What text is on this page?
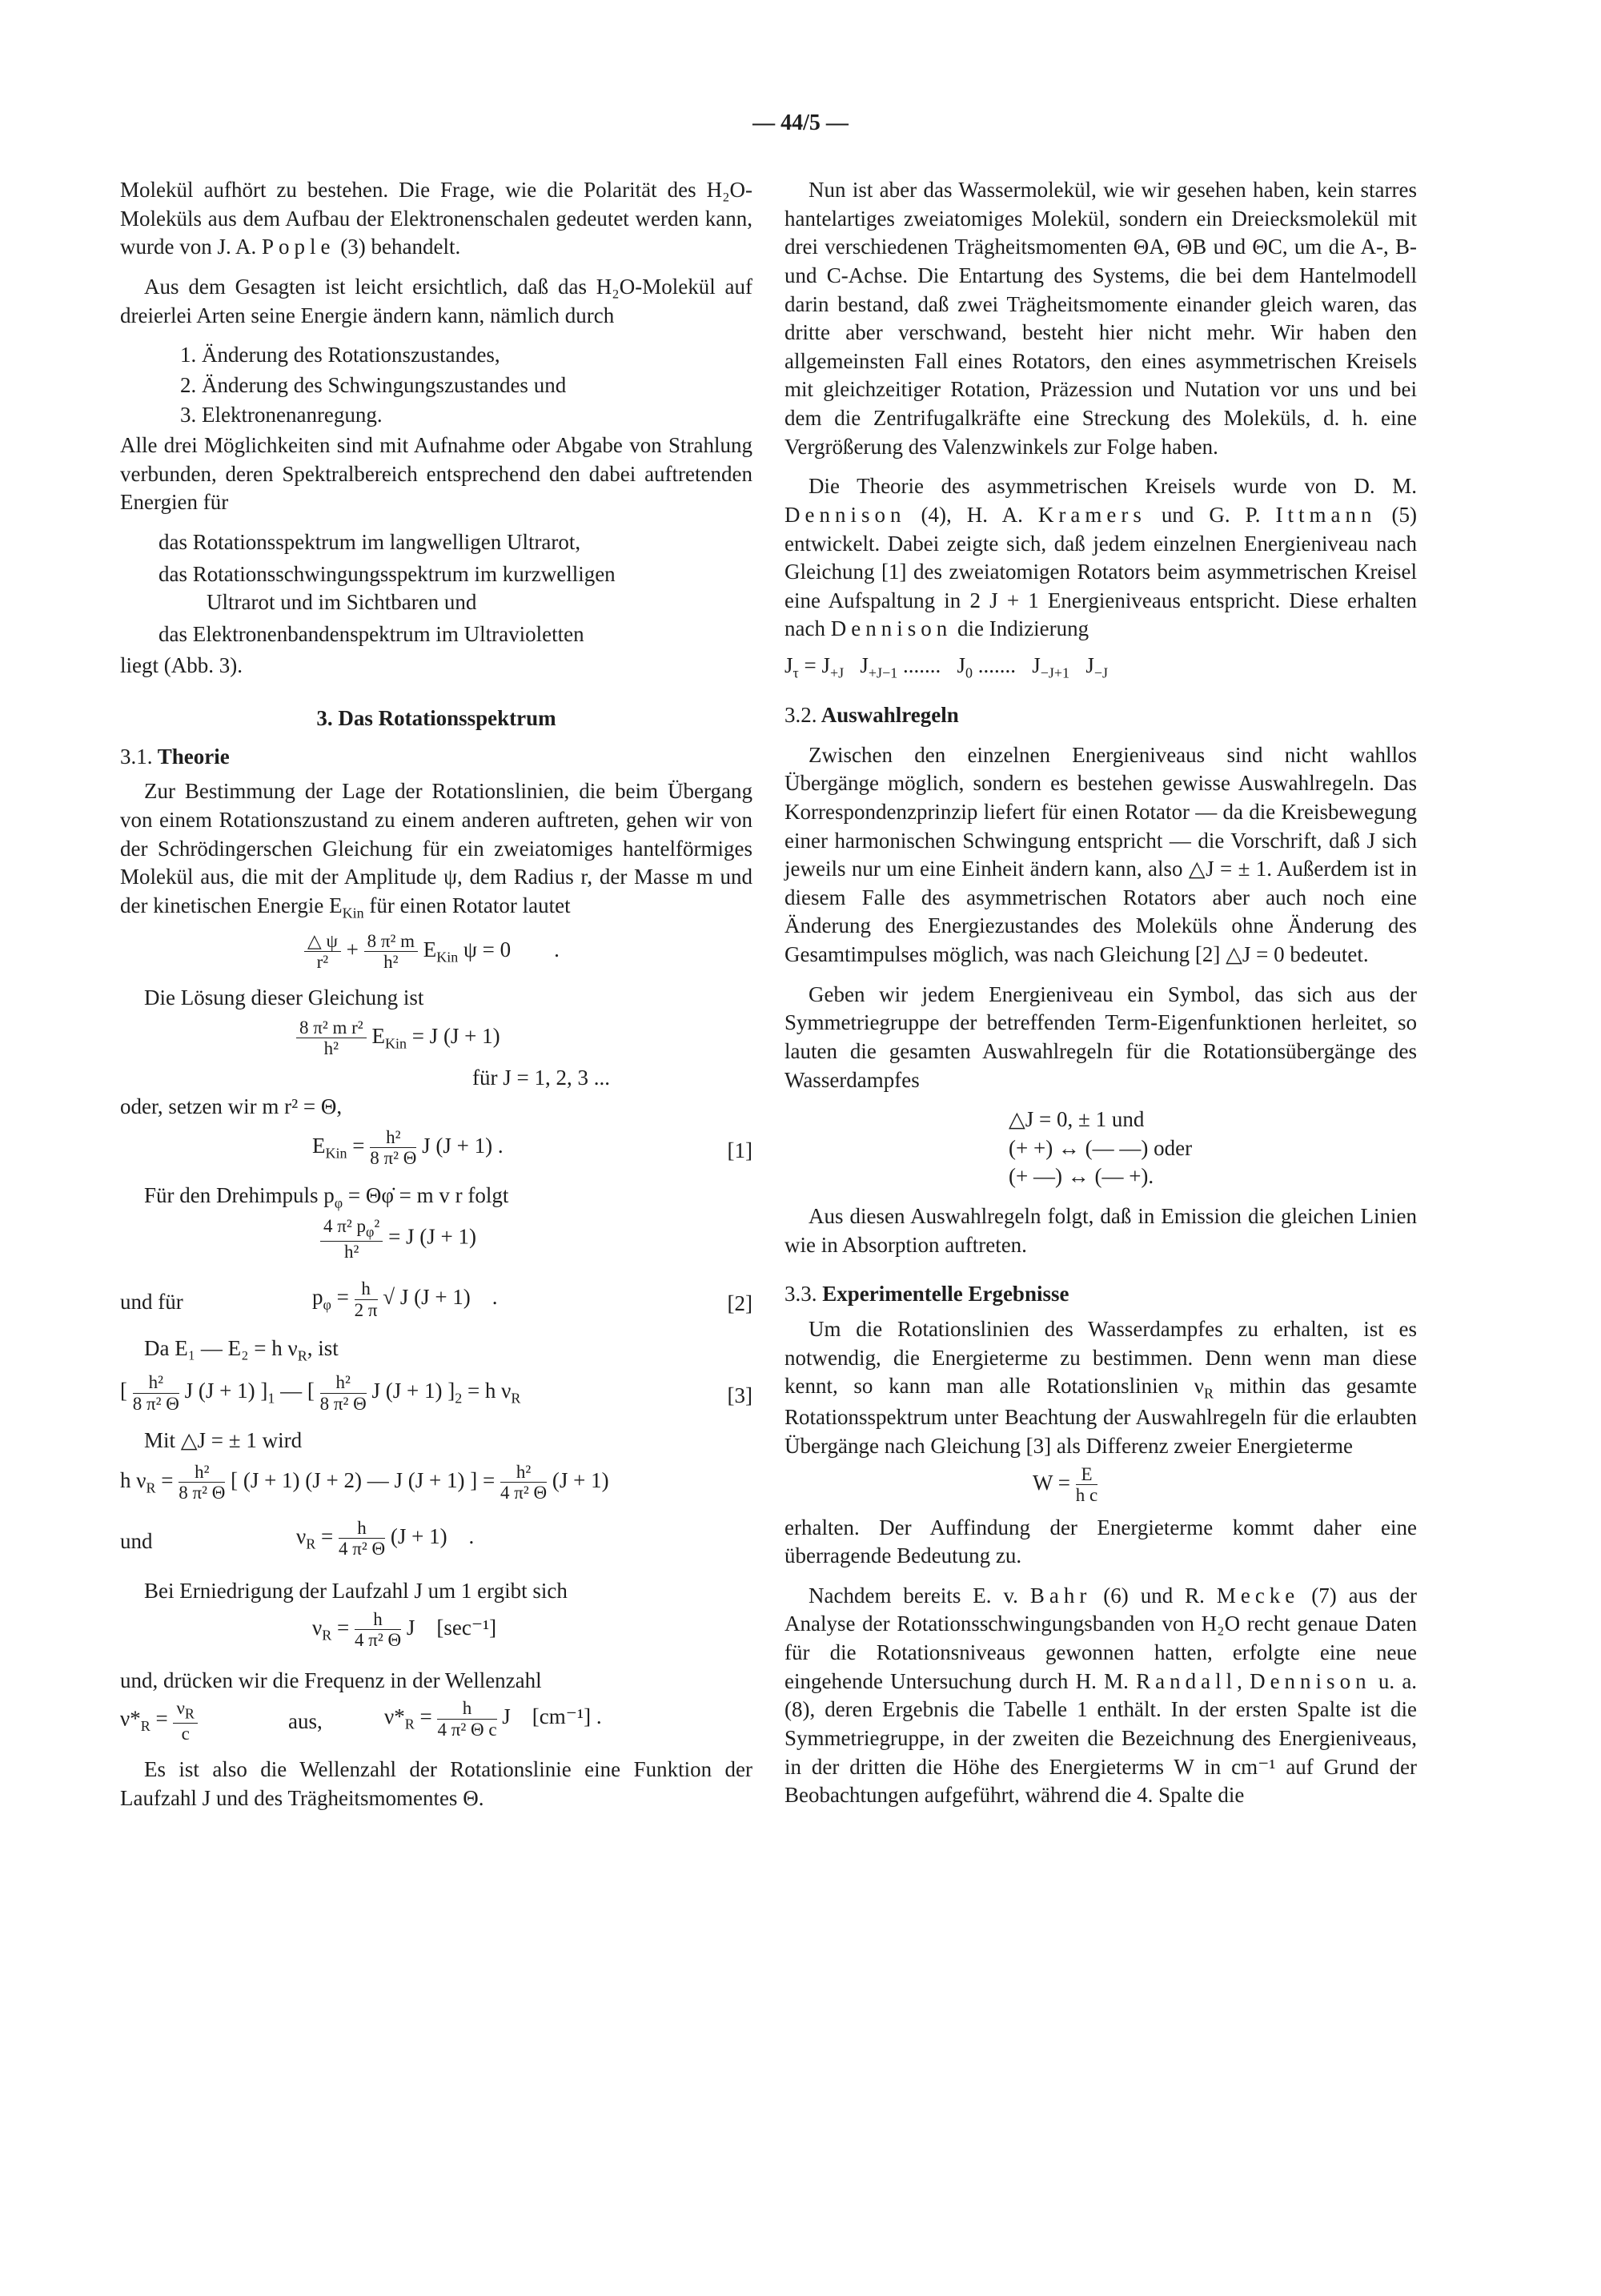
— 44/5 —

Molekül aufhört zu bestehen. Die Frage, wie die Polarität des H₂O-Moleküls aus dem Aufbau der Elektronenschalen gedeutet werden kann, wurde von J. A. Pople (3) behandelt.

Aus dem Gesagten ist leicht ersichtlich, daß das H₂O-Molekül auf dreierlei Arten seine Energie ändern kann, nämlich durch

1. Änderung des Rotationszustandes,
2. Änderung des Schwingungszustandes und
3. Elektronenanregung.

Alle drei Möglichkeiten sind mit Aufnahme oder Abgabe von Strahlung verbunden, deren Spektralbereich entsprechend den dabei auftretenden Energien für

das Rotationsspektrum im langwelligen Ultrarot,
das Rotationsschwingungsspektrum im kurzwelligen
Ultrarot und im Sichtbaren und
das Elektronenbandenspektrum im Ultravioletten

liegt (Abb. 3).

3. Das Rotationsspektrum
3.1. Theorie

Zur Bestimmung der Lage der Rotationslinien, die beim Übergang von einem Rotationszustand zu einem anderen auftreten, gehen wir von der Schrödingerschen Gleichung für ein zweiatomiges hantelförmiges Molekül aus, die mit der Amplitude ψ, dem Radius r, der Masse m und der kinetischen Energie $E_{Kin}$ für einen Rotator lautet

$\frac{\triangle \psi}{\text{r²}} + \frac{\text{8 π² m}}{\text{h²}} E_{Kin}$ ψ = 0        .

Die Lösung dieser Gleichung ist

$\frac{\text{8 π² m r²}}{\text{h²}} E_{Kin} = J$ (J + 1)
für J = 1, 2, 3 ...

oder, setzen wir m r² = Θ,

$E_{Kin} = \frac{\text{h²}}{\text{8 π² Θ}}$ J (J + 1) .	[1]

Für den Drehimpuls $p_\varphi$ = Θφ̇ = m v r folgt

$\frac{4 \pi^2 p_\varphi^2}{\text{h²}} = J$ (J + 1)
und für	$p_\varphi = \frac{h}{2 \pi}$ √ J (J + 1)    .	[2]

Da E₁ — E₂ = h $\nu_R$, ist

[ $\frac{\text{h²}}{\text{8 π² Θ}}$ J (J + 1) ]$_1$ — [ $\frac{\text{h²}}{\text{8 π² Θ}}$ J (J + 1) ]$_2 = h$ $\nu_R$	[3]

Mit △J = ± 1 wird

h $\nu_R = \frac{\text{h²}}{\text{8 π² Θ}}$ [ (J + 1) (J + 2) — J (J + 1) ] = $\frac{\text{h²}}{\text{4 π² Θ}} (J + 1)$
und	$\nu_R = \frac{h}{\text{4 π² Θ}} (J + 1)$    .

Bei Erniedrigung der Laufzahl J um 1 ergibt sich

$\nu_R = \frac{h}{\text{4 π² Θ}}$ J    [sec⁻¹]

und, drücken wir die Frequenz in der Wellenzahl

$\nu*_R = \frac{\nu_R}{c}$	aus,	$\nu*_R = \frac{h}{\text{4 π² Θ c}}$ J    [cm⁻¹] .

Es ist also die Wellenzahl der Rotationslinie eine Funktion der Laufzahl J und des Trägheitsmomentes Θ.

Nun ist aber das Wassermolekül, wie wir gesehen haben, kein starres hantelartiges zweiatomiges Molekül, sondern ein Dreiecksmolekül mit drei verschiedenen Trägheitsmomenten ΘA, ΘB und ΘC, um die A-, B- und C-Achse. Die Entartung des Systems, die bei dem Hantelmodell darin bestand, daß zwei Trägheitsmomente einander gleich waren, das dritte aber verschwand, besteht hier nicht mehr. Wir haben den allgemeinsten Fall eines Rotators, den eines asymmetrischen Kreisels mit gleichzeitiger Rotation, Präzession und Nutation vor uns und bei dem die Zentrifugalkräfte eine Streckung des Moleküls, d. h. eine Vergrößerung des Valenzwinkels zur Folge haben.

Die Theorie des asymmetrischen Kreisels wurde von D. M. Dennison (4), H. A. Kramers und G. P. Ittmann (5) entwickelt. Dabei zeigte sich, daß jedem einzelnen Energieniveau nach Gleichung [1] des zweiatomigen Rotators beim asymmetrischen Kreisel eine Aufspaltung in 2 J + 1 Energieniveaus entspricht. Diese erhalten nach Dennison die Indizierung

$J_\tau = J_{+J}$   $J_{+J-1}$ .......   $J_0$ .......   $J_{-J+1}$   $J_{-J}$
3.2. Auswahlregeln

Zwischen den einzelnen Energieniveaus sind nicht wahllos Übergänge möglich, sondern es bestehen gewisse Auswahlregeln. Das Korrespondenzprinzip liefert für einen Rotator — da die Kreisbewegung einer harmonischen Schwingung entspricht — die Vorschrift, daß J sich jeweils nur um eine Einheit ändern kann, also △J = ± 1. Außerdem ist in diesem Falle des asymmetrischen Rotators aber auch noch eine Änderung des Energiezustandes des Moleküls ohne Änderung des Gesamtimpulses möglich, was nach Gleichung [2] △J = 0 bedeutet.

Geben wir jedem Energieniveau ein Symbol, das sich aus der Symmetriegruppe der betreffenden Term-Eigenfunktionen herleitet, so lauten die gesamten Auswahlregeln für die Rotationsübergänge des Wasserdampfes

△J = 0, ± 1 und
(+ +) ↔ (— —) oder
(+ —) ↔ (— +).

Aus diesen Auswahlregeln folgt, daß in Emission die gleichen Linien wie in Absorption auftreten.

3.3. Experimentelle Ergebnisse

Um die Rotationslinien des Wasserdampfes zu erhalten, ist es notwendig, die Energieterme zu bestimmen. Denn wenn man diese kennt, so kann man alle Rotationslinien $\nu_R$ mithin das gesamte Rotationsspektrum unter Beachtung der Auswahlregeln für die erlaubten Übergänge nach Gleichung [3] als Differenz zweier Energieterme

$W = \frac{E}{\text{h c}}$

erhalten. Der Auffindung der Energieterme kommt daher eine überragende Bedeutung zu.

Nachdem bereits E. v. Bahr (6) und R. Mecke (7) aus der Analyse der Rotationsschwingungsbanden von H₂O recht genaue Daten für die Rotationsniveaus gewonnen hatten, erfolgte eine neue eingehende Untersuchung durch H. M. Randall, Dennison u. a. (8), deren Ergebnis die Tabelle 1 enthält. In der ersten Spalte ist die Symmetriegruppe, in der zweiten die Bezeichnung des Energieniveaus, in der dritten die Höhe des Energieterms W in cm⁻¹ auf Grund der Beobachtungen aufgeführt, während die 4. Spalte die
